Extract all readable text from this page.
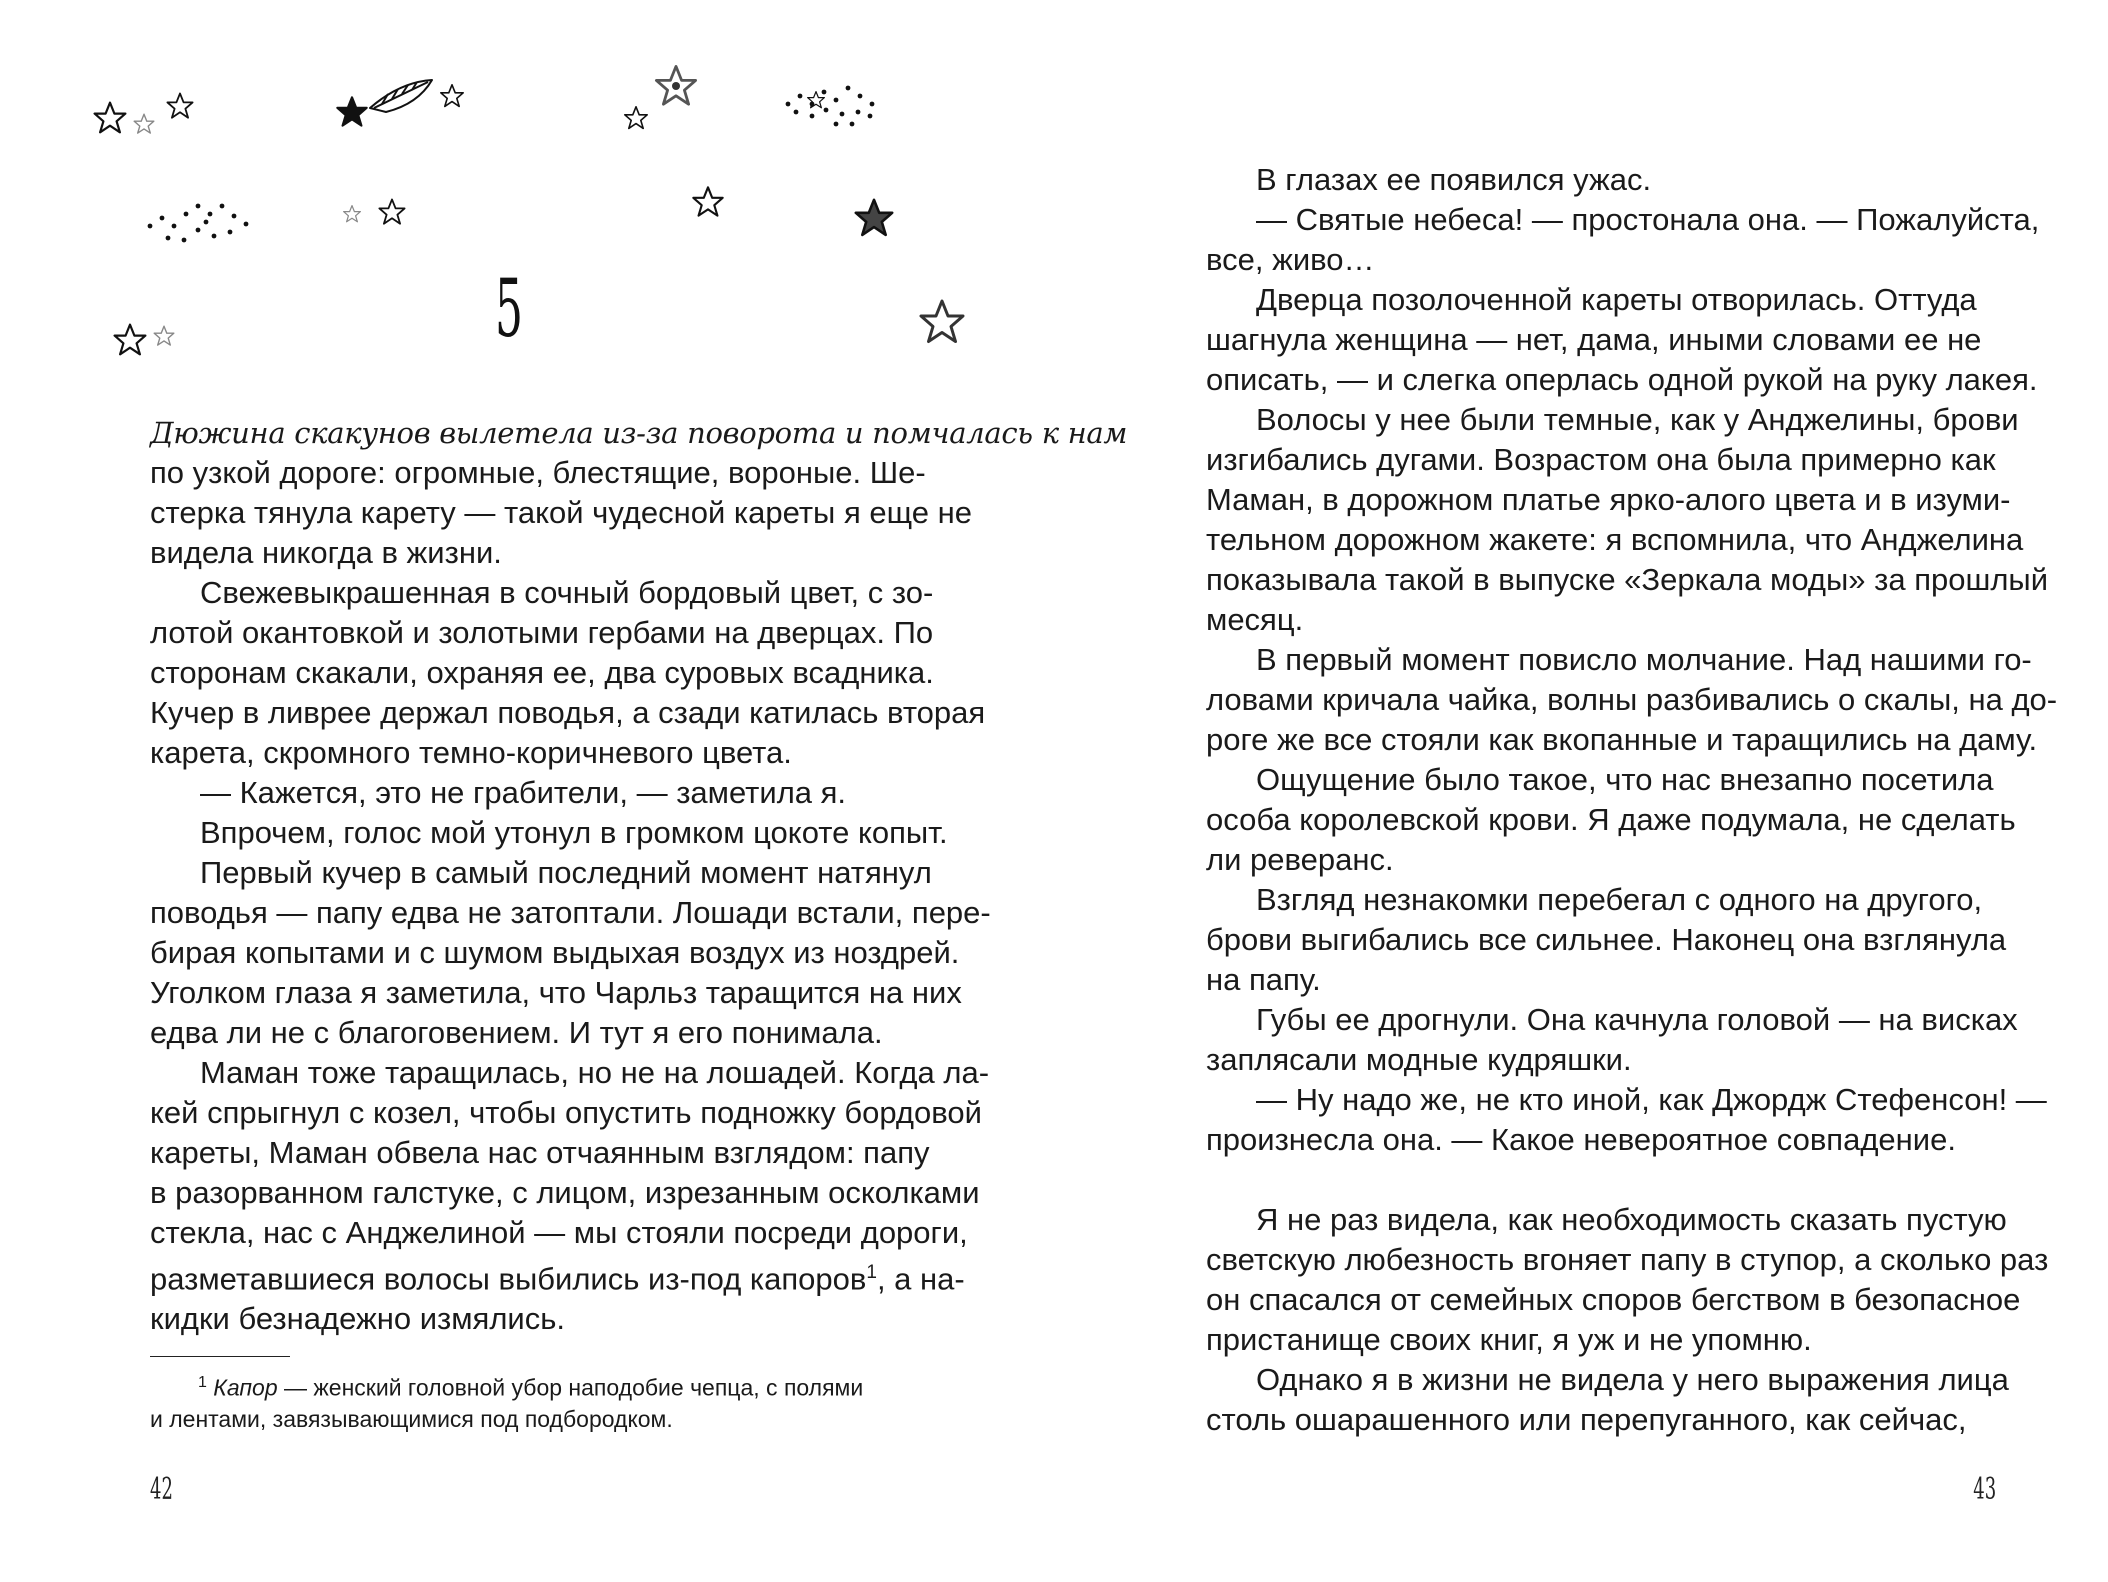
5
Дюжина скакунов вылетела из-за поворота и помчалась к нам
по узкой дороге: огромные, блестящие, вороные. Ше-
стерка тянула карету — такой чудесной кареты я еще не
видела никогда в жизни.
Свежевыкрашенная в сочный бордовый цвет, с зо-
лотой окантовкой и золотыми гербами на дверцах. По
сторонам скакали, охраняя ее, два суровых всадника.
Кучер в ливрее держал поводья, а сзади катилась вторая
карета, скромного темно-коричневого цвета.
— Кажется, это не грабители, — заметила я.
Впрочем, голос мой утонул в громком цокоте копыт.
Первый кучер в самый последний момент натянул
поводья — папу едва не затоптали. Лошади встали, пере-
бирая копытами и с шумом выдыхая воздух из ноздрей.
Уголком глаза я заметила, что Чарльз таращится на них
едва ли не с благоговением. И тут я его понимала.
Маман тоже таращилась, но не на лошадей. Когда ла-
кей спрыгнул с козел, чтобы опустить подножку бордовой
кареты, Маман обвела нас отчаянным взглядом: папу
в разорванном галстуке, с лицом, изрезанным осколками
стекла, нас с Анджелиной — мы стояли посреди дороги,
разметавшиеся волосы выбились из-под капоров$^1$, а на-
кидки безнадежно измялись.
$^1$ Капор — женский головной убор наподобие чепца, с полями
и лентами, завязывающимися под подбородком.
42
В глазах ее появился ужас.
— Святые небеса! — простонала она. — Пожалуйста,
все, живо…
Дверца позолоченной кареты отворилась. Оттуда
шагнула женщина — нет, дама, иными словами ее не
описать, — и слегка оперлась одной рукой на руку лакея.
Волосы у нее были темные, как у Анджелины, брови
изгибались дугами. Возрастом она была примерно как
Маман, в дорожном платье ярко-алого цвета и в изуми-
тельном дорожном жакете: я вспомнила, что Анджелина
показывала такой в выпуске «Зеркала моды» за прошлый
месяц.
В первый момент повисло молчание. Над нашими го-
ловами кричала чайка, волны разбивались о скалы, на до-
роге же все стояли как вкопанные и таращились на даму.
Ощущение было такое, что нас внезапно посетила
особа королевской крови. Я даже подумала, не сделать
ли реверанс.
Взгляд незнакомки перебегал с одного на другого,
брови выгибались все сильнее. Наконец она взглянула
на папу.
Губы ее дрогнули. Она качнула головой — на висках
заплясали модные кудряшки.
— Ну надо же, не кто иной, как Джордж Стефенсон! —
произнесла она. — Какое невероятное совпадение.
Я не раз видела, как необходимость сказать пустую
светскую любезность вгоняет папу в ступор, а сколько раз
он спасался от семейных споров бегством в безопасное
пристанище своих книг, я уж и не упомню.
Однако я в жизни не видела у него выражения лица
столь ошарашенного или перепуганного, как сейчас,
43
